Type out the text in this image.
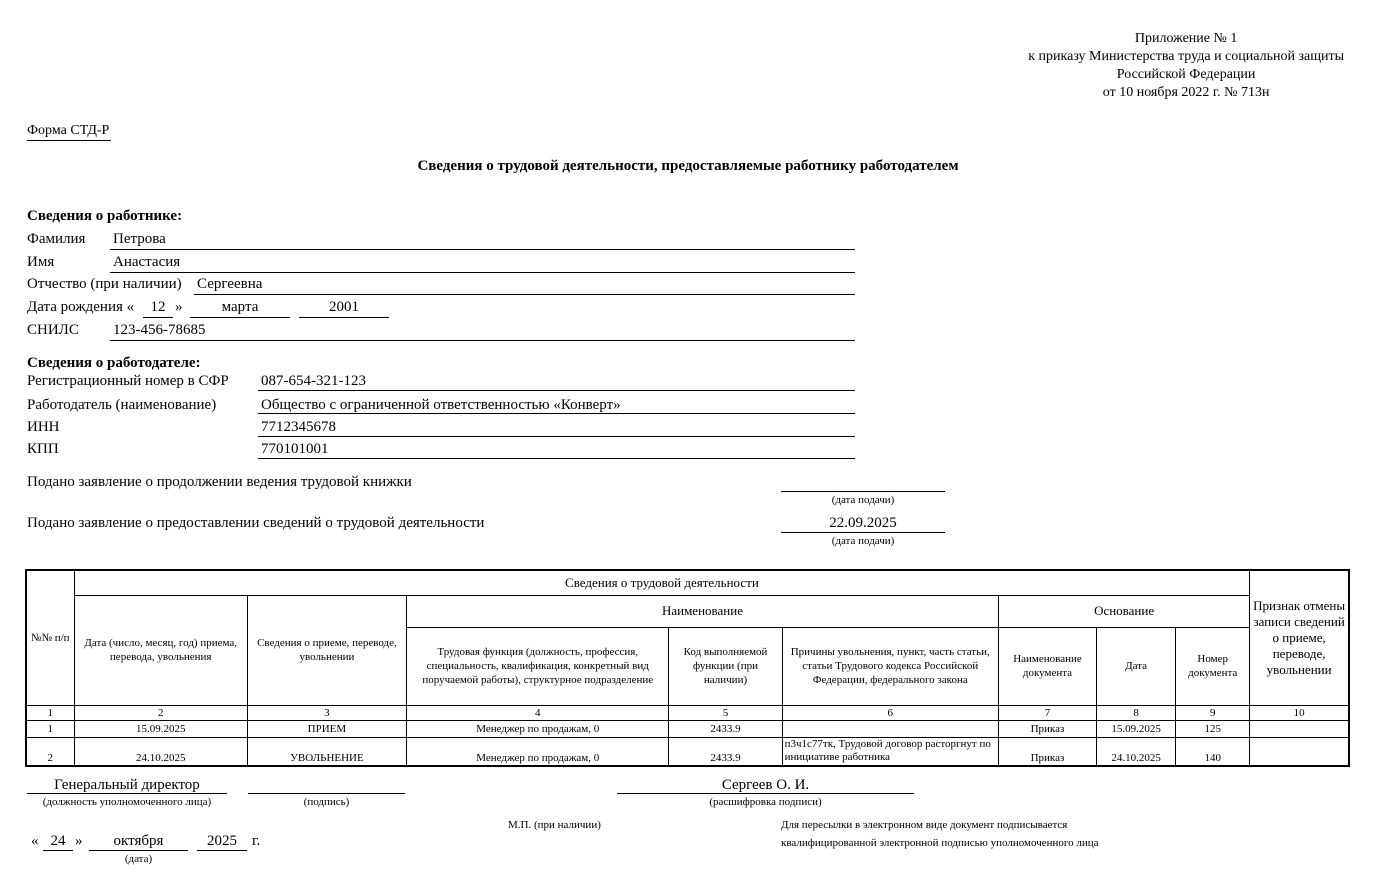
Приложение № 1
к приказу Министерства труда и социальной защиты
Российской Федерации
от 10 ноября 2022 г. № 713н
Форма СТД-Р
Сведения о трудовой деятельности, предоставляемые работнику работодателем
Сведения о работнике:
Фамилия Петрова
Имя	Анастасия
Отчество (при наличии) Сергеевна
Дата рождения «	12 »	марта	2001
СНИЛС 123-456-78685
Сведения о работодателе:
Регистрационный номер в СФР 087-654-321-123
Работодатель (наименование)	Общество с ограниченной ответственностью «Конверт»
ИНН	7712345678
КПП	770101001
Подано заявление о продолжении ведения трудовой книжки
(дата подачи)
Подано заявление о предоставлении сведений о трудовой деятельности	22.09.2025
(дата подачи)
№№ п/п	Сведения о трудовой деятельности								Признак отмены записи сведений о приеме, переводе, увольнении
	Дата (число, месяц, год) приема, перевода, увольнения	Сведения о приеме, переводе, увольнении	Наименование			Основание			
			Трудовая функция (должность, профессия, специальность, квалификация, конкретный вид поручаемой работы), структурное подразделение	Код выполняемой функции (при наличии)	Причины увольнения, пункт, часть статьи, статьи Трудового кодекса Российской Федерации, федерального закона	Наименование документа	Дата	Номер документа	
1	2	3	4	5	6	7	8	9	10
1	15.09.2025	ПРИЕМ	Менеджер по продажам, 0	2433.9		Приказ	15.09.2025	125	
2	24.10.2025	УВОЛЬНЕНИЕ	Менеджер по продажам, 0	2433.9	п3ч1с77тк, Трудовой договор расторгнут по инициативе работника	Приказ	24.10.2025	140	
Генеральный директор
(должность уполномоченного лица)	(подпись)
Сергеев О. И.
(расшифровка подписи)
М.П. (при наличии)	Для пересылки в электронном виде документ подписывается
квалифицированной электронной подписью уполномоченного лица
« 24 »	октября
(дата)
2025	г.
